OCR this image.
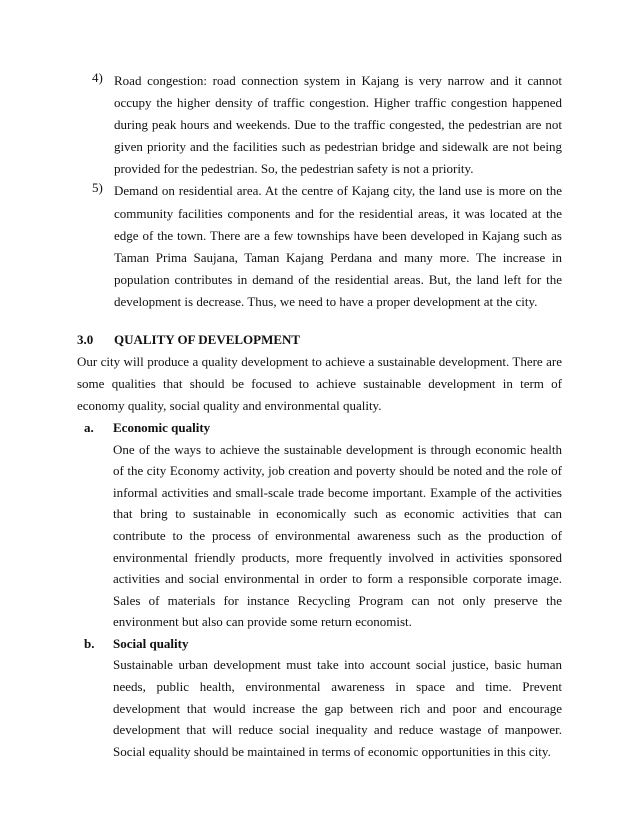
4) Road congestion: road connection system in Kajang is very narrow and it cannot occupy the higher density of traffic congestion. Higher traffic congestion happened during peak hours and weekends. Due to the traffic congested, the pedestrian are not given priority and the facilities such as pedestrian bridge and sidewalk are not being provided for the pedestrian. So, the pedestrian safety is not a priority.

5) Demand on residential area. At the centre of Kajang city, the land use is more on the community facilities components and for the residential areas, it was located at the edge of the town. There are a few townships have been developed in Kajang such as Taman Prima Saujana, Taman Kajang Perdana and many more. The increase in population contributes in demand of the residential areas. But, the land left for the development is decrease. Thus, we need to have a proper development at the city.

3.0	QUALITY OF DEVELOPMENT

Our city will produce a quality development to achieve a sustainable development. There are some qualities that should be focused to achieve sustainable development in term of economy quality, social quality and environmental quality.

a. Economic quality

One of the ways to achieve the sustainable development is through economic health of the city Economy activity, job creation and poverty should be noted and the role of informal activities and small-scale trade become important. Example of the activities that bring to sustainable in economically such as economic activities that can contribute to the process of environmental awareness such as the production of environmental friendly products, more frequently involved in activities sponsored activities and social environmental in order to form a responsible corporate image. Sales of materials for instance Recycling Program can not only preserve the environment but also can provide some return economist.

b. Social quality

Sustainable urban development must take into account social justice, basic human needs, public health, environmental awareness in space and time. Prevent development that would increase the gap between rich and poor and encourage development that will reduce social inequality and reduce wastage of manpower. Social equality should be maintained in terms of economic opportunities in this city.
